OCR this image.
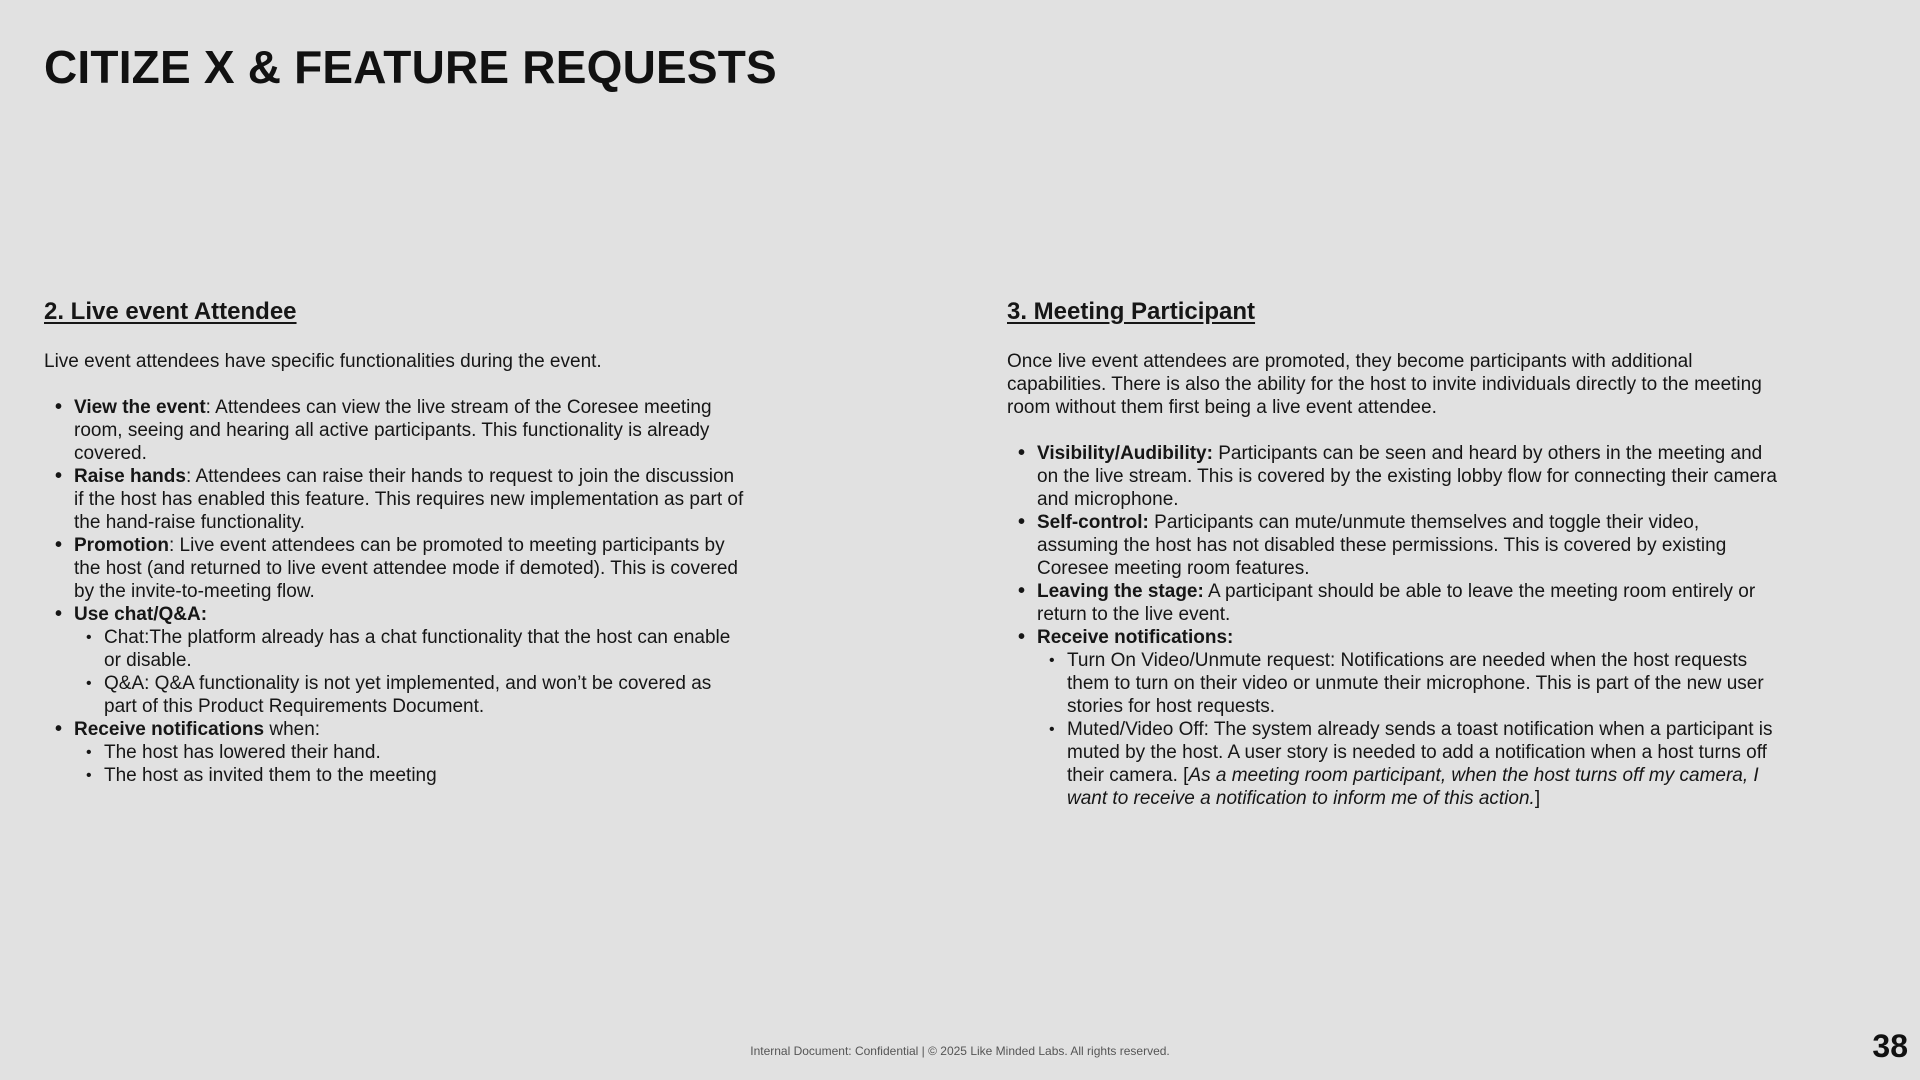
CITIZE X & FEATURE REQUESTS
2. Live event Attendee

Live event attendees have specific functionalities during the event.

• View the event: Attendees can view the live stream of the Coresee meeting room, seeing and hearing all active participants. This functionality is already covered.
• Raise hands: Attendees can raise their hands to request to join the discussion if the host has enabled this feature. This requires new implementation as part of the hand-raise functionality.
• Promotion: Live event attendees can be promoted to meeting participants by the host (and returned to live event attendee mode if demoted). This is covered by the invite-to-meeting flow.
• Use chat/Q&A:
• Chat:The platform already has a chat functionality that the host can enable or disable.
• Q&A: Q&A functionality is not yet implemented, and won’t be covered as part of this Product Requirements Document.
• Receive notifications when:
• The host has lowered their hand.
• The host as invited them to the meeting
3. Meeting Participant

Once live event attendees are promoted, they become participants with additional capabilities. There is also the ability for the host to invite individuals directly to the meeting room without them first being a live event attendee.

• Visibility/Audibility: Participants can be seen and heard by others in the meeting and on the live stream. This is covered by the existing lobby flow for connecting their camera and microphone.
• Self-control: Participants can mute/unmute themselves and toggle their video, assuming the host has not disabled these permissions. This is covered by existing Coresee meeting room features.
• Leaving the stage: A participant should be able to leave the meeting room entirely or return to the live event.
• Receive notifications:
• Turn On Video/Unmute request: Notifications are needed when the host requests them to turn on their video or unmute their microphone. This is part of the new user stories for host requests.
• Muted/Video Off: The system already sends a toast notification when a participant is muted by the host. A user story is needed to add a notification when a host turns off their camera. [As a meeting room participant, when the host turns off my camera, I want to receive a notification to inform me of this action.]
Internal Document: Confidential | © 2025 Like Minded Labs. All rights reserved.	38
